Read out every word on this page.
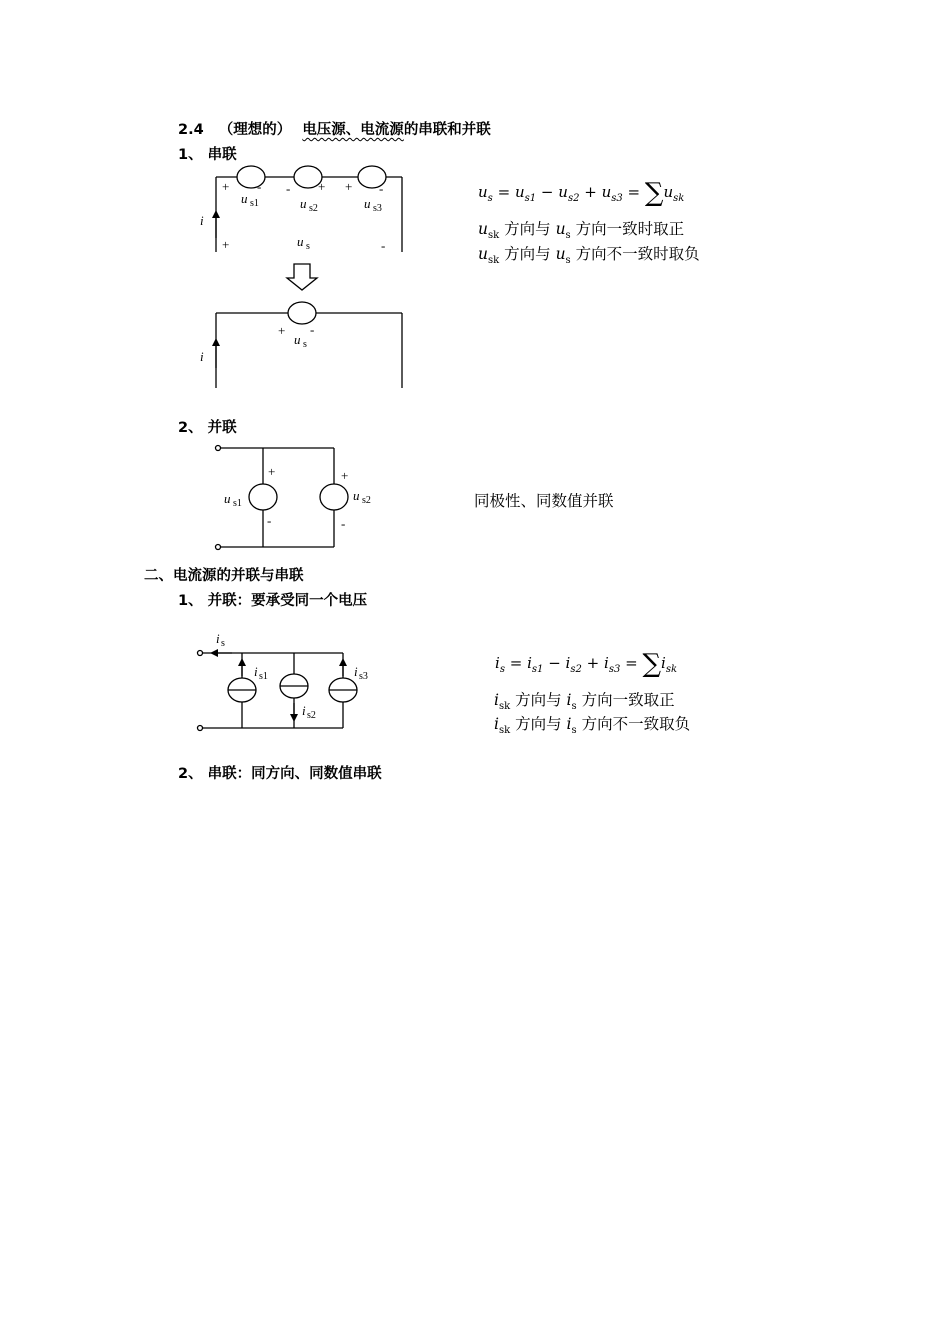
2.4 （理想的） 电压源、电流源的串联和并联
1、 串联
$u_s = u_{s1} - u_{s2} + u_{s3} = \sum u_{sk}$
$u_{sk}$ 方向与 $u_s$ 方向一致时取正
$u_{sk}$ 方向与 $u_s$ 方向不一致时取负
2、 并联
同极性、同数值并联
二、电流源的并联与串联
1、 并联：要承受同一个电压
$i_s = i_{s1} - i_{s2} + i_{s3} = \sum i_{sk}$
$i_{sk}$ 方向与 $i_s$ 方向一致取正
$i_{sk}$ 方向与 $i_s$ 方向不一致取负
2、 串联：同方向、同数值串联
+ - - + + -
u s1	u s2	u s3
i
+	u s	-
+ -
u s
i
+	+
u s1
u s2
-	-
i s
i s1
i s2
i s3
